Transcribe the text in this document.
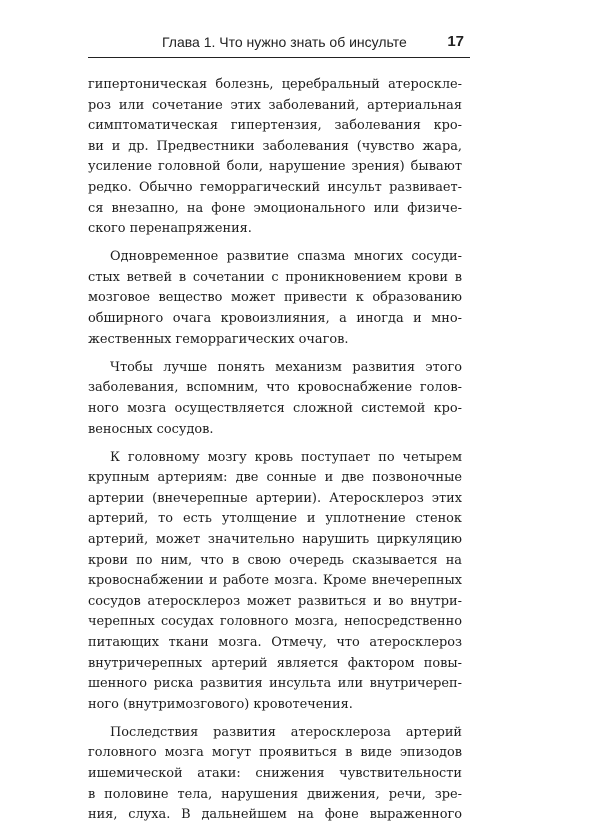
Глава 1. Что нужно знать об инсульте	17

гипертоническая болезнь, церебральный атероскле-
роз или сочетание этих заболеваний, артериальная
симптоматическая гипертензия, заболевания кро-
ви и др. Предвестники заболевания (чувство жара,
усиление головной боли, нарушение зрения) бывают
редко. Обычно геморрагический инсульт развивает-
ся внезапно, на фоне эмоционального или физиче-
ского перенапряжения.

Одновременное развитие спазма многих сосуди-
стых ветвей в сочетании с проникновением крови в
мозговое вещество может привести к образованию
обширного очага кровоизлияния, а иногда и мно-
жественных геморрагических очагов.

Чтобы лучше понять механизм развития этого
заболевания, вспомним, что кровоснабжение голов-
ного мозга осуществляется сложной системой кро-
веносных сосудов.

К головному мозгу кровь поступает по четырем
крупным артериям: две сонные и две позвоночные
артерии (внечерепные артерии). Атеросклероз этих
артерий, то есть утолщение и уплотнение стенок
артерий, может значительно нарушить циркуляцию
крови по ним, что в свою очередь сказывается на
кровоснабжении и работе мозга. Кроме внечерепных
сосудов атеросклероз может развиться и во внутри-
черепных сосудах головного мозга, непосредственно
питающих ткани мозга. Отмечу, что атеросклероз
внутричерепных артерий является фактором повы-
шенного риска развития инсульта или внутричереп-
ного (внутримозгового) кровотечения.

Последствия развития атеросклероза артерий
головного мозга могут проявиться в виде эпизодов
ишемической атаки: снижения чувствительности
в половине тела, нарушения движения, речи, зре-
ния, слуха. В дальнейшем на фоне выраженного
